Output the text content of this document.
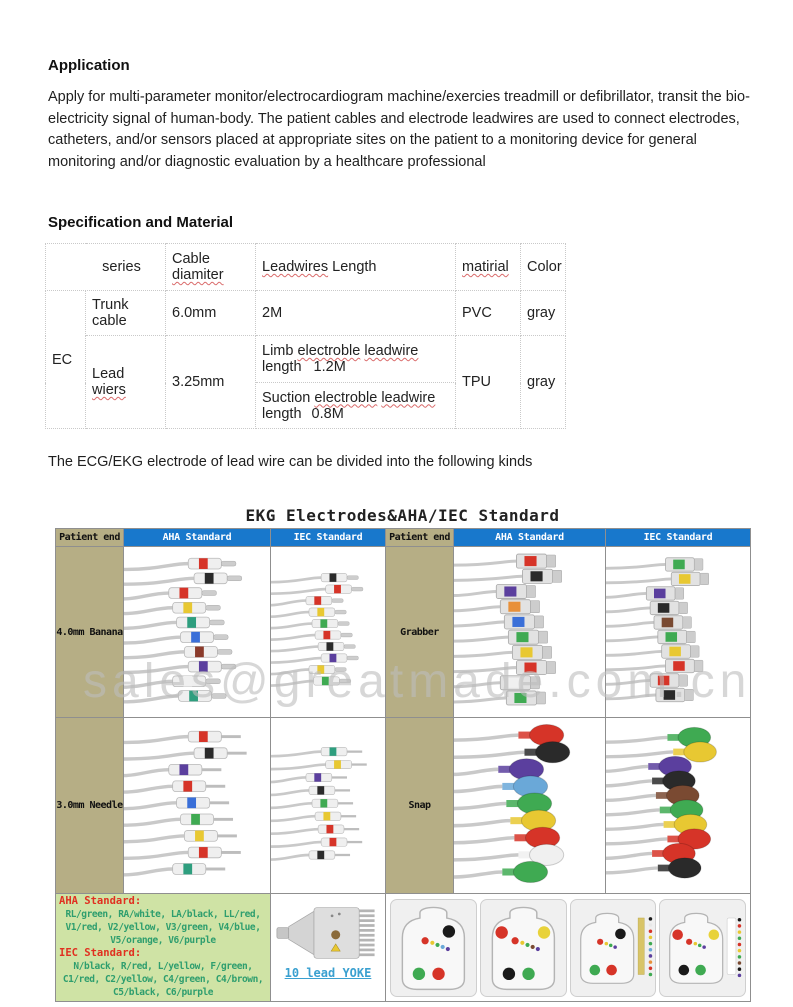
Application
Apply for multi-parameter monitor/electrocardiogram machine/exercies treadmill or defibrillator, transit the bio-electricity signal of human-body. The patient cables and electrode leadwires are used to connect electrodes, catheters, and/or sensors placed at appropriate sites on the patient to a monitoring device for general monitoring and/or diagnostic evaluation by a healthcare professional
Specification and Material
series		Cable diamiter	Leadwires Length	matirial	Color
EC	Trunk cable	6.0mm	2M	PVC	gray
	Lead wiers	3.25mm	Limb electroble leadwire length 1.2M	TPU	gray
			Suction electroble leadwire length 0.8M		
The ECG/EKG electrode of lead wire can be divided into the following kinds
EKG Electrodes&AHA/IEC Standard
Patient end	AHA Standard	IEC Standard	Patient end	AHA Standard	IEC Standard
4.0mm Banana			Grabber	

3.0mm Needle			Snap	

AHA Standard:
RL/green, RA/white, LA/black, LL/red,
V1/red, V2/yellow, V3/green, V4/blue,
V5/orange, V6/purple
IEC Standard:
N/black, R/red, L/yellow, F/green,
C1/red, C2/yellow, C4/green, C4/brown,
C5/black, C6/purple

10 lead YOKE

sales@greatmade.com.cn
